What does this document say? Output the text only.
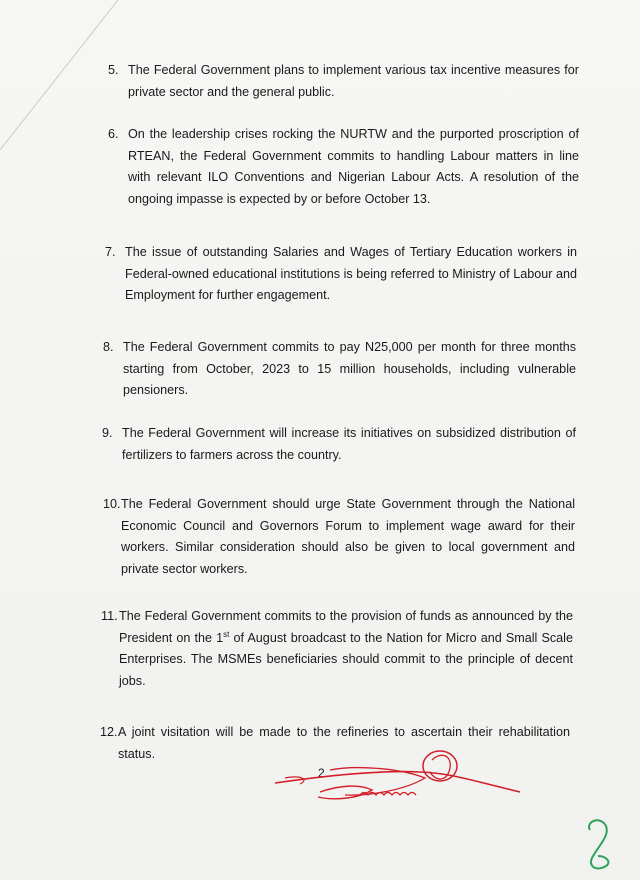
5. The Federal Government plans to implement various tax incentive measures for private sector and the general public.
6. On the leadership crises rocking the NURTW and the purported proscription of RTEAN, the Federal Government commits to handling Labour matters in line with relevant ILO Conventions and Nigerian Labour Acts. A resolution of the ongoing impasse is expected by or before October 13.
7. The issue of outstanding Salaries and Wages of Tertiary Education workers in Federal-owned educational institutions is being referred to Ministry of Labour and Employment for further engagement.
8. The Federal Government commits to pay N25,000 per month for three months starting from October, 2023 to 15 million households, including vulnerable pensioners.
9. The Federal Government will increase its initiatives on subsidized distribution of fertilizers to farmers across the country.
10. The Federal Government should urge State Government through the National Economic Council and Governors Forum to implement wage award for their workers. Similar consideration should also be given to local government and private sector workers.
11. The Federal Government commits to the provision of funds as announced by the President on the 1st of August broadcast to the Nation for Micro and Small Scale Enterprises. The MSMEs beneficiaries should commit to the principle of decent jobs.
12. A joint visitation will be made to the refineries to ascertain their rehabilitation status.
2
